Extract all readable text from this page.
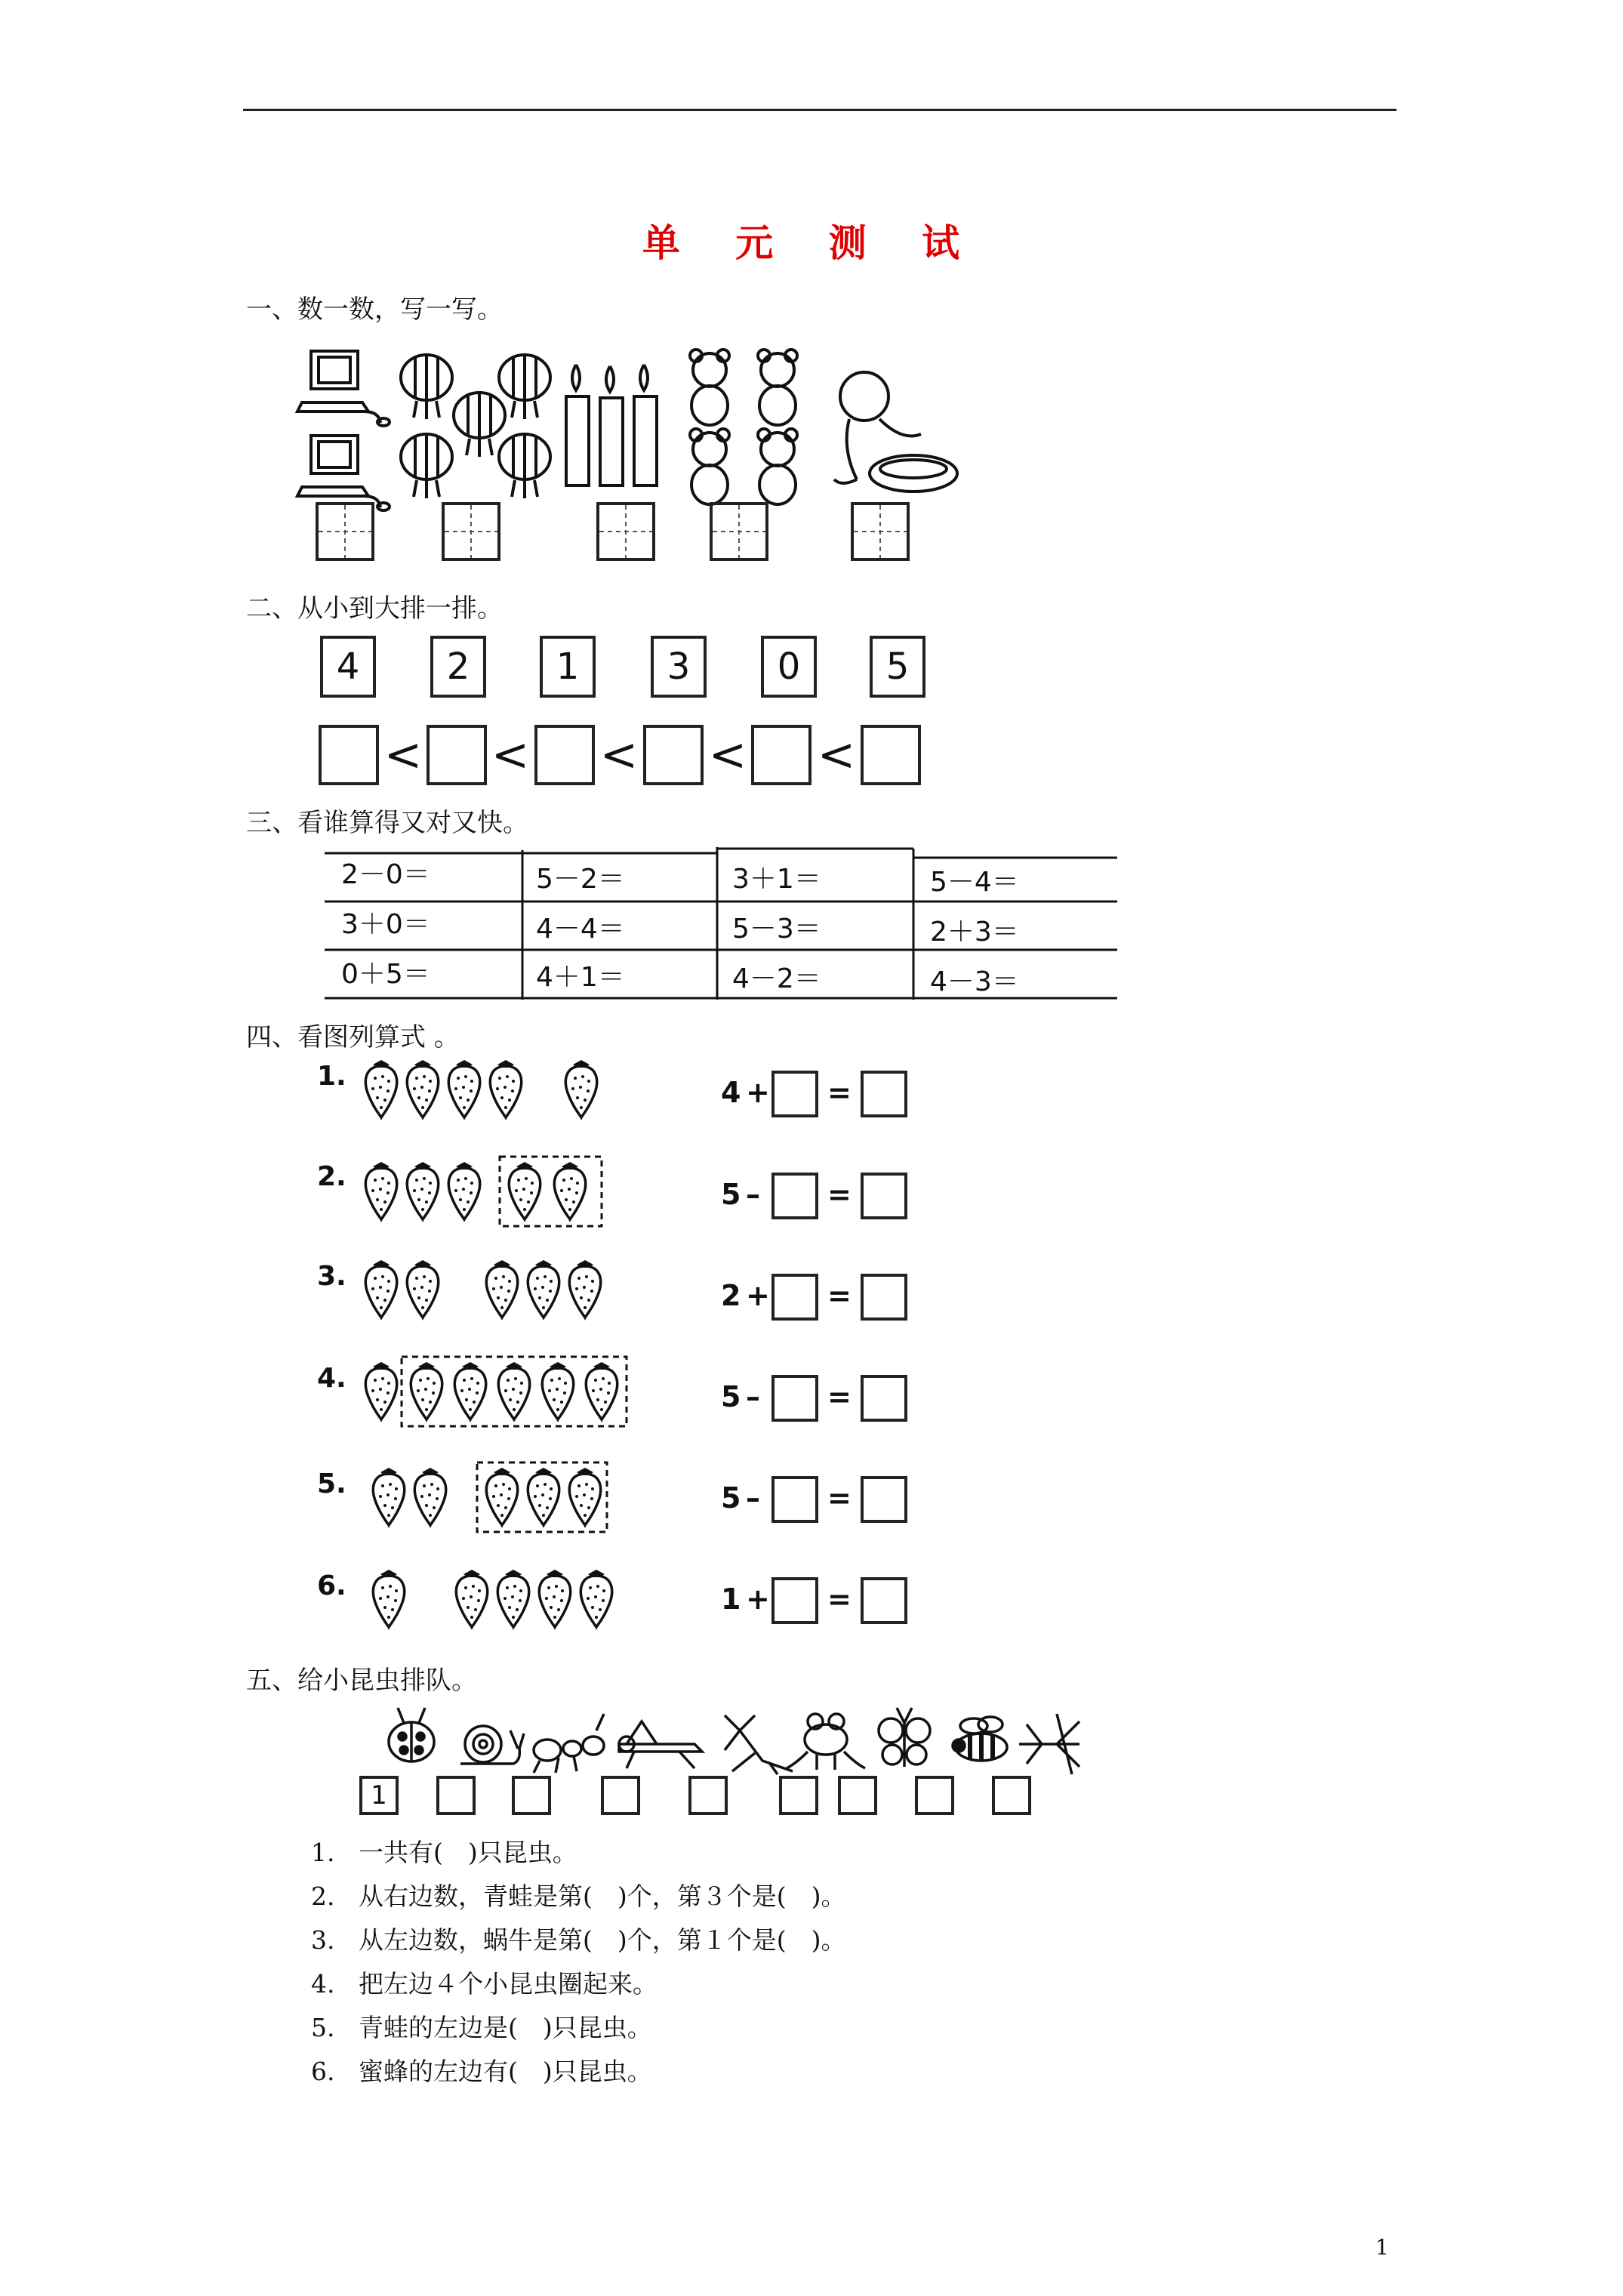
单 元 测 试
一、数一数，写一写。
二、从小到大排一排。
4	2	1	3	0	5
< < < < <
三、看谁算得又对又快。
2－0＝	5－2＝	3＋1＝	5－4＝
3＋0＝	4－4＝	5－3＝	2＋3＝
0＋5＝	4＋1＝	4－2＝	4－3＝
四、看图列算式 。
1.
2.
3.
4.
5.
6.
4 + =
5 – =
2 + =
5 – =
5 – =
1 + =
五、给小昆虫排队。
1
1. 一共有(　)只昆虫。
2. 从右边数，青蛙是第(　)个，第３个是(　)。
3. 从左边数，蜗牛是第(　)个，第１个是(　)。
4. 把左边４个小昆虫圈起来。
5. 青蛙的左边是(　)只昆虫。
6. 蜜蜂的左边有(　)只昆虫。
1
